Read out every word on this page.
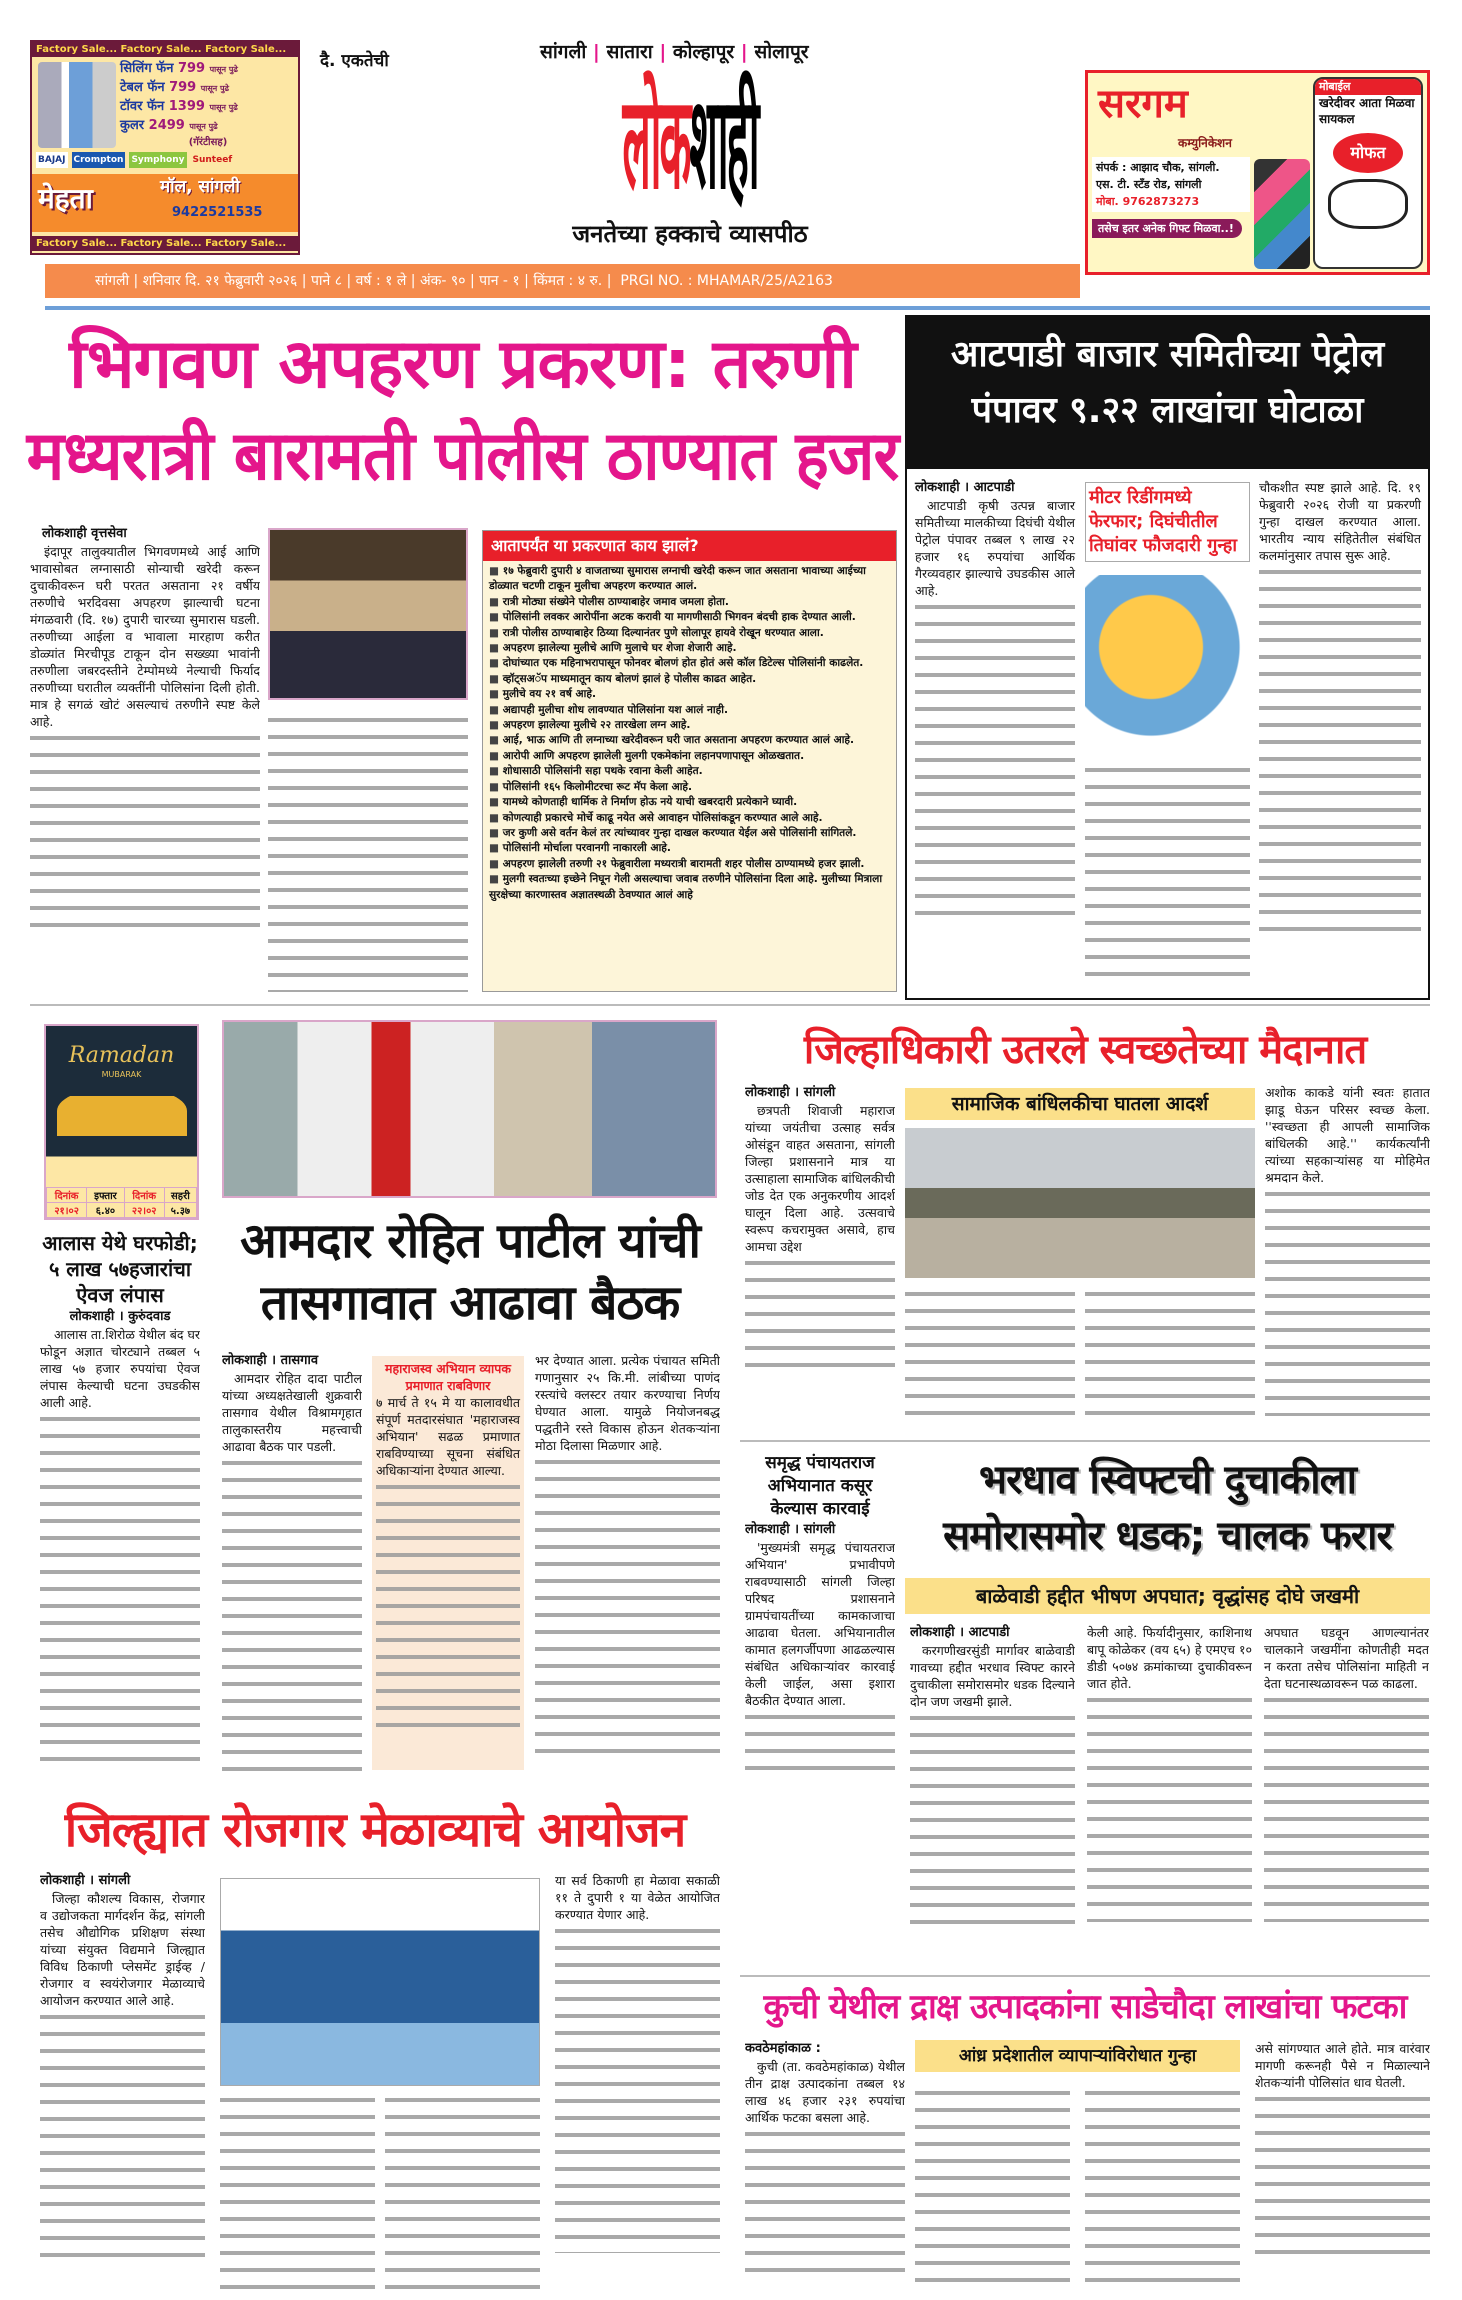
Factory Sale... Factory Sale... Factory Sale...
सिलिंग फॅन 799 पासून पुढे
टेबल फॅन 799 पासून पुढे
टॉवर फॅन 1399 पासून पुढे
कुलर 2499 पासून पुढे
(गॅरंटीसह)
BAJAJ Crompton Symphony Sunteef
मेहता	मॉल, सांगली
9422521535
Factory Sale... Factory Sale... Factory Sale...
सांगली | सातारा | कोल्हापूर | सोलापूर
दै. एकतेची
लोकशाही
जनतेच्या हक्काचे व्यासपीठ
सरगम
कम्युनिकेशन
संपर्क : आझाद चौक, सांगली.
एस. टी. स्टँड रोड, सांगली
मोबा. 9762873273
तसेच इतर अनेक गिफ्ट मिळवा..!
मोबाईल
खरेदीवर आता मिळवा सायकल
मोफत
सांगली | शनिवार दि. २१ फेब्रुवारी २०२६ | पाने ८ | वर्ष : १ ले | अंक- ९० | पान - १ | किंमत : ४ रु. |  PRGI NO. : MHAMAR/25/A2163
भिगवण अपहरण प्रकरण: तरुणी
मध्यरात्री बारामती पोलीस ठाण्यात हजर
लोकशाही वृत्तसेवा
इंदापूर तालुक्यातील भिगवणमध्ये आई आणि भावासोबत लग्नासाठी सोन्याची खरेदी करून दुचाकीवरून घरी परतत असताना २१ वर्षीय तरुणीचे भरदिवसा अपहरण झाल्याची घटना मंगळवारी (दि. १७) दुपारी चारच्या सुमारास घडली. तरुणीच्या आईला व भावाला मारहाण करीत डोळ्यांत मिरचीपूड टाकून दोन सख्ख्या भावांनी तरुणीला जबरदस्तीने टेम्पोमध्ये नेल्याची फिर्याद तरुणीच्या घरातील व्यक्तींनी पोलिसांना दिली होती. मात्र हे सगळं खोटं असल्याचं तरुणीने स्पष्ट केले आहे.
आतापर्यंत या प्रकरणात काय झालं?
■ १७ फेब्रुवारी दुपारी ४ वाजताच्या सुमारास लग्नाची खरेदी करून जात असताना भावाच्या आईच्या डोळ्यात चटणी टाकून मुलीचा अपहरण करण्यात आलं.
■ रात्री मोठ्या संख्येने पोलीस ठाण्याबाहेर जमाव जमला होता.
■ पोलिसांनी लवकर आरोपींना अटक करावी या मागणीसाठी भिगवन बंदची हाक देण्यात आली.
■ रात्री पोलीस ठाण्याबाहेर ठिय्या दिल्यानंतर पुणे सोलापूर हायवे रोखून धरण्यात आला.
■ अपहरण झालेल्या मुलीचे आणि मुलाचे घर शेजा शेजारी आहे.
■ दोघांच्यात एक महिनाभरापासून फोनवर बोलणं होत होतं असे कॉल डिटेल्स पोलिसांनी काढलेत.
■ व्हॉट्सअॅप माध्यमातून काय बोलणं झालं हे पोलीस काढत आहेत.
■ मुलीचे वय २१ वर्ष आहे.
■ अद्यापही मुलीचा शोध लावण्यात पोलिसांना यश आलं नाही.
■ अपहरण झालेल्या मुलीचे २२ तारखेला लग्न आहे.
■ आई, भाऊ आणि ती लग्नाच्या खरेदीवरून घरी जात असताना अपहरण करण्यात आलं आहे.
■ आरोपी आणि अपहरण झालेली मुलगी एकमेकांना लहानपणापासून ओळखतात.
■ शोधासाठी पोलिसांनी सहा पथके रवाना केली आहेत.
■ पोलिसांनी १६५ किलोमीटरचा रूट मॅप केला आहे.
■ यामध्ये कोणताही धार्मिक ते निर्माण होऊ नये याची खबरदारी प्रत्येकाने घ्यावी.
■ कोणत्याही प्रकारचे मोर्चे काढू नयेत असे आवाहन पोलिसांकडून करण्यात आले आहे.
■ जर कुणी असे वर्तन केलं तर त्यांच्यावर गुन्हा दाखल करण्यात येईल असे पोलिसांनी सांगितले.
■ पोलिसांनी मोर्चाला परवानगी नाकारली आहे.
■ अपहरण झालेली तरुणी २१ फेब्रुवारीला मध्यरात्री बारामती शहर पोलीस ठाण्यामध्ये हजर झाली.
■ मुलगी स्वतःच्या इच्छेने निघून गेली असल्याचा जवाब तरुणीने पोलिसांना दिला आहे. मुलीच्या मित्राला सुरक्षेच्या कारणास्तव अज्ञातस्थळी ठेवण्यात आलं आहे
आटपाडी बाजार समितीच्या पेट्रोल पंपावर ९.२२ लाखांचा घोटाळा
लोकशाही । आटपाडी
आटपाडी कृषी उत्पन्न बाजार समितीच्या मालकीच्या दिघंची येथील पेट्रोल पंपावर तब्बल ९ लाख २२ हजार १६ रुपयांचा आर्थिक गैरव्यवहार झाल्याचे उघडकीस आले आहे.
मीटर रिडींगमध्ये फेरफार; दिघंचीतील तिघांवर फौजदारी गुन्हा
चौकशीत स्पष्ट झाले आहे. दि. १९ फेब्रुवारी २०२६ रोजी या प्रकरणी गुन्हा दाखल करण्यात आला. भारतीय न्याय संहितेतील संबंधित कलमांनुसार तपास सुरू आहे.
Ramadan
MUBARAK
दिनांक	इफ्तार	दिनांक	सहरी
२१।०२	६.४०	२२।०२	५.३७
आलास येथे घरफोडी; ५ लाख ५७हजारांचा ऐवज लंपास
लोकशाही । कुरुंदवाड
आलास ता.शिरोळ येथील बंद घर फोडून अज्ञात चोरट्याने तब्बल ५ लाख ५७ हजार रुपयांचा ऐवज लंपास केल्याची घटना उघडकीस आली आहे.
आमदार रोहित पाटील यांची तासगावात आढावा बैठक
लोकशाही । तासगाव
आमदार रोहित दादा पाटील यांच्या अध्यक्षतेखाली शुक्रवारी तासगाव येथील विश्रामगृहात तालुकास्तरीय महत्त्वाची आढावा बैठक पार पडली.
महाराजस्व अभियान व्यापक प्रमाणात राबविणार
७ मार्च ते १५ मे या कालावधीत संपूर्ण मतदारसंघात 'महाराजस्व अभियान' सढळ प्रमाणात राबविण्याच्या सूचना संबंधित अधिकाऱ्यांना देण्यात आल्या.
भर देण्यात आला. प्रत्येक पंचायत समिती गणानुसार २५ कि.मी. लांबीच्या पाणंद रस्त्यांचे क्लस्टर तयार करण्याचा निर्णय घेण्यात आला. यामुळे नियोजनबद्ध पद्धतीने रस्ते विकास होऊन शेतकऱ्यांना मोठा दिलासा मिळणार आहे.
जिल्हाधिकारी उतरले स्वच्छतेच्या मैदानात
लोकशाही । सांगली
छत्रपती शिवाजी महाराज यांच्या जयंतीचा उत्साह सर्वत्र ओसंडून वाहत असताना, सांगली जिल्हा प्रशासनाने मात्र या उत्साहाला सामाजिक बांधिलकीची जोड देत एक अनुकरणीय आदर्श घालून दिला आहे. उत्सवाचे स्वरूप कचरामुक्त असावे, हाच आमचा उद्देश
सामाजिक बांधिलकीचा घातला आदर्श
अशोक काकडे यांनी स्वतः हातात झाडू घेऊन परिसर स्वच्छ केला. ''स्वच्छता ही आपली सामाजिक बांधिलकी आहे.'' कार्यकर्त्यांनी त्यांच्या सहकाऱ्यांसह या मोहिमेत श्रमदान केले.
समृद्ध पंचायतराज अभियानात कसूर केल्यास कारवाई
लोकशाही । सांगली
'मुख्यमंत्री समृद्ध पंचायतराज अभियान' प्रभावीपणे राबवण्यासाठी सांगली जिल्हा परिषद प्रशासनाने ग्रामपंचायतींच्या कामकाजाचा आढावा घेतला. अभियानातील कामात हलगर्जीपणा आढळल्यास संबंधित अधिकाऱ्यांवर कारवाई केली जाईल, असा इशारा बैठकीत देण्यात आला.
भरधाव स्विफ्टची दुचाकीला समोरासमोर धडक; चालक फरार
बाळेवाडी हद्दीत भीषण अपघात; वृद्धांसह दोघे जखमी
लोकशाही । आटपाडी
करगणीखरसुंडी मार्गावर बाळेवाडी गावच्या हद्दीत भरधाव स्विफ्ट कारने दुचाकीला समोरासमोर धडक दिल्याने दोन जण जखमी झाले.
केली आहे. फिर्यादीनुसार, काशिनाथ बापू कोळेकर (वय ६५) हे एमएच १० डीडी ५०७४ क्रमांकाच्या दुचाकीवरून जात होते.
अपघात घडवून आणल्यानंतर चालकाने जखमींना कोणतीही मदत न करता तसेच पोलिसांना माहिती न देता घटनास्थळावरून पळ काढला.
कुची येथील द्राक्ष उत्पादकांना साडेचौदा लाखांचा फटका
आंध्र प्रदेशातील व्यापाऱ्यांविरोधात गुन्हा
कवठेमहांकाळ :
कुची (ता. कवठेमहांकाळ) येथील तीन द्राक्ष उत्पादकांना तब्बल १४ लाख ४६ हजार २३१ रुपयांचा आर्थिक फटका बसला आहे.
असे सांगण्यात आले होते. मात्र वारंवार मागणी करूनही पैसे न मिळाल्याने शेतकऱ्यांनी पोलिसांत धाव घेतली.
जिल्ह्यात रोजगार मेळाव्याचे आयोजन
लोकशाही । सांगली
जिल्हा कौशल्य विकास, रोजगार व उद्योजकता मार्गदर्शन केंद्र, सांगली तसेच औद्योगिक प्रशिक्षण संस्था यांच्या संयुक्त विद्यमाने जिल्ह्यात विविध ठिकाणी प्लेसमेंट ड्राईव्ह / रोजगार व स्वयंरोजगार मेळाव्याचे आयोजन करण्यात आले आहे.
या सर्व ठिकाणी हा मेळावा सकाळी ११ ते दुपारी १ या वेळेत आयोजित करण्यात येणार आहे.
